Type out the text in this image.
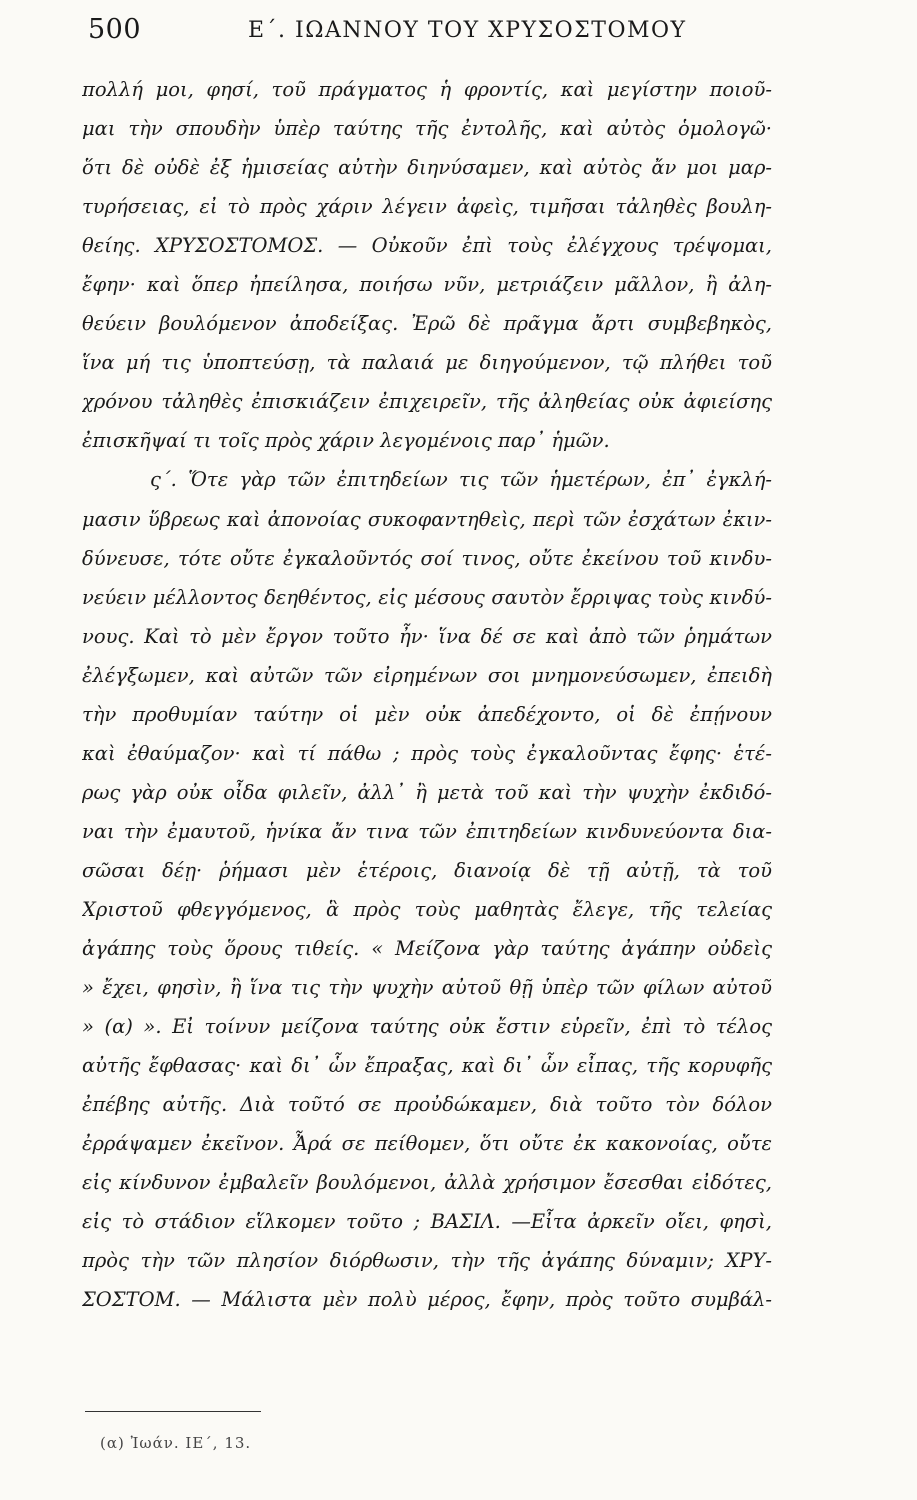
500	Ε΄. ΙΩΑΝΝΟΥ ΤΟΥ ΧΡΥΣΟΣΤΟΜΟΥ
πολλή μοι, φησί, τοῦ πράγματος ἡ φροντίς, καὶ μεγίστην ποιοῦ-
μαι τὴν σπουδὴν ὑπὲρ ταύτης τῆς ἐντολῆς, καὶ αὐτὸς ὁμολογῶ·
ὅτι δὲ οὐδὲ ἐξ ἡμισείας αὐτὴν διηνύσαμεν, καὶ αὐτὸς ἄν μοι μαρ-
τυρήσειας, εἰ τὸ πρὸς χάριν λέγειν ἀφεὶς, τιμῆσαι τἀληθὲς βουλη-
θείης. ΧΡΥΣΟΣΤΟΜΟΣ. — Οὐκοῦν ἐπὶ τοὺς ἐλέγχους τρέψομαι,
ἔφην· καὶ ὅπερ ἠπείλησα, ποιήσω νῦν, μετριάζειν μᾶλλον, ἢ ἀλη-
θεύειν βουλόμενον ἀποδείξας. Ἐρῶ δὲ πρᾶγμα ἄρτι συμβεβηκὸς,
ἵνα μή τις ὑποπτεύσῃ, τὰ παλαιά με διηγούμενον, τῷ πλήθει τοῦ
χρόνου τἀληθὲς ἐπισκιάζειν ἐπιχειρεῖν, τῆς ἀληθείας οὐκ ἀφιείσης
ἐπισκῆψαί τι τοῖς πρὸς χάριν λεγομένοις παρ᾽ ἡμῶν.
ς΄. Ὅτε γὰρ τῶν ἐπιτηδείων τις τῶν ἡμετέρων, ἐπ᾽ ἐγκλή-
μασιν ὕβρεως καὶ ἀπονοίας συκοφαντηθεὶς, περὶ τῶν ἐσχάτων ἐκιν-
δύνευσε, τότε οὔτε ἐγκαλοῦντός σοί τινος, οὔτε ἐκείνου τοῦ κινδυ-
νεύειν μέλλοντος δεηθέντος, εἰς μέσους σαυτὸν ἔρριψας τοὺς κινδύ-
νους. Καὶ τὸ μὲν ἔργον τοῦτο ἦν· ἵνα δέ σε καὶ ἀπὸ τῶν ῥημάτων
ἐλέγξωμεν, καὶ αὐτῶν τῶν εἰρημένων σοι μνημονεύσωμεν, ἐπειδὴ
τὴν προθυμίαν ταύτην οἱ μὲν οὐκ ἀπεδέχοντο, οἱ δὲ ἐπῄνουν
καὶ ἐθαύμαζον· καὶ τί πάθω ; πρὸς τοὺς ἐγκαλοῦντας ἔφης· ἑτέ-
ρως γὰρ οὐκ οἶδα φιλεῖν, ἀλλ᾽ ἢ μετὰ τοῦ καὶ τὴν ψυχὴν ἐκδιδό-
ναι τὴν ἐμαυτοῦ, ἡνίκα ἄν τινα τῶν ἐπιτηδείων κινδυνεύοντα δια-
σῶσαι δέῃ· ῥήμασι μὲν ἑτέροις, διανοίᾳ δὲ τῇ αὐτῇ, τὰ τοῦ
Χριστοῦ φθεγγόμενος, ἃ πρὸς τοὺς μαθητὰς ἔλεγε, τῆς τελείας
ἀγάπης τοὺς ὅρους τιθείς. « Μείζονα γὰρ ταύτης ἀγάπην οὐδεὶς
» ἔχει, φησὶν, ἢ ἵνα τις τὴν ψυχὴν αὐτοῦ θῇ ὑπὲρ τῶν φίλων αὐτοῦ
» (α) ». Εἰ τοίνυν μείζονα ταύτης οὐκ ἔστιν εὑρεῖν, ἐπὶ τὸ τέλος
αὐτῆς ἔφθασας· καὶ δι᾽ ὧν ἔπραξας, καὶ δι᾽ ὧν εἶπας, τῆς κορυφῆς
ἐπέβης αὐτῆς. Διὰ τοῦτό σε προὐδώκαμεν, διὰ τοῦτο τὸν δόλον
ἐρράψαμεν ἐκεῖνον. Ἆρά σε πείθομεν, ὅτι οὔτε ἐκ κακονοίας, οὔτε
εἰς κίνδυνον ἐμβαλεῖν βουλόμενοι, ἀλλὰ χρήσιμον ἔσεσθαι εἰδότες,
εἰς τὸ στάδιον εἵλκομεν τοῦτο ; ΒΑΣΙΛ. —Εἶτα ἀρκεῖν οἴει, φησὶ,
πρὸς τὴν τῶν πλησίον διόρθωσιν, τὴν τῆς ἀγάπης δύναμιν; ΧΡΥ-
ΣΟΣΤΟΜ. — Μάλιστα μὲν πολὺ μέρος, ἔφην, πρὸς τοῦτο συμβάλ-
(α) Ἰωάν. ΙΕ΄, 13.
